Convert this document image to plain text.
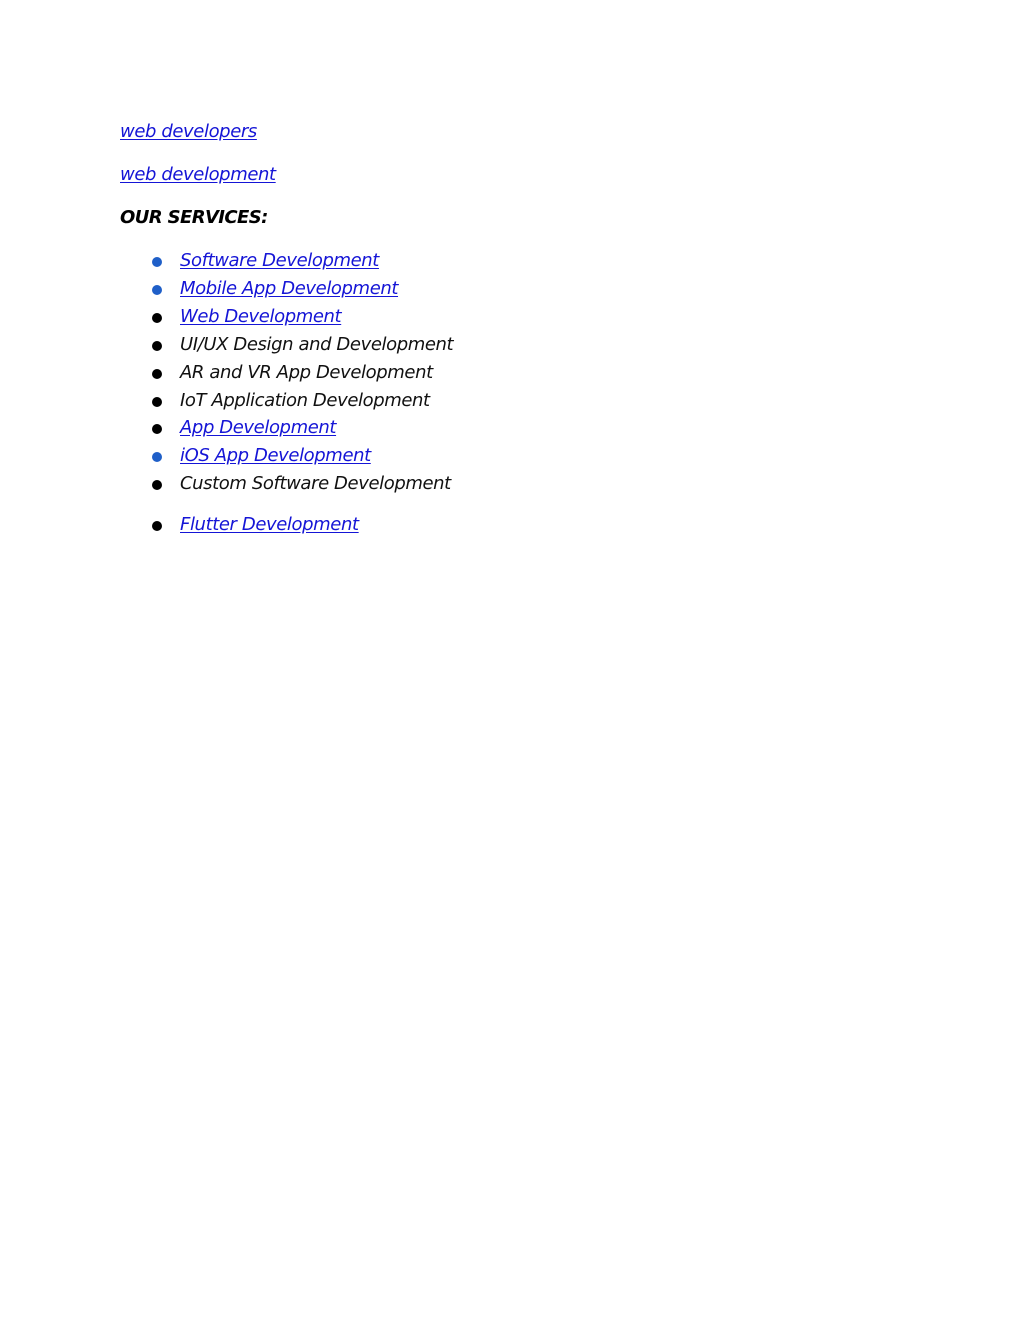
web developers
web development
OUR SERVICES:
Software Development
Mobile App Development
Web Development
UI/UX Design and Development
AR and VR App Development
IoT Application Development
App Development
iOS App Development
Custom Software Development
Flutter Development
